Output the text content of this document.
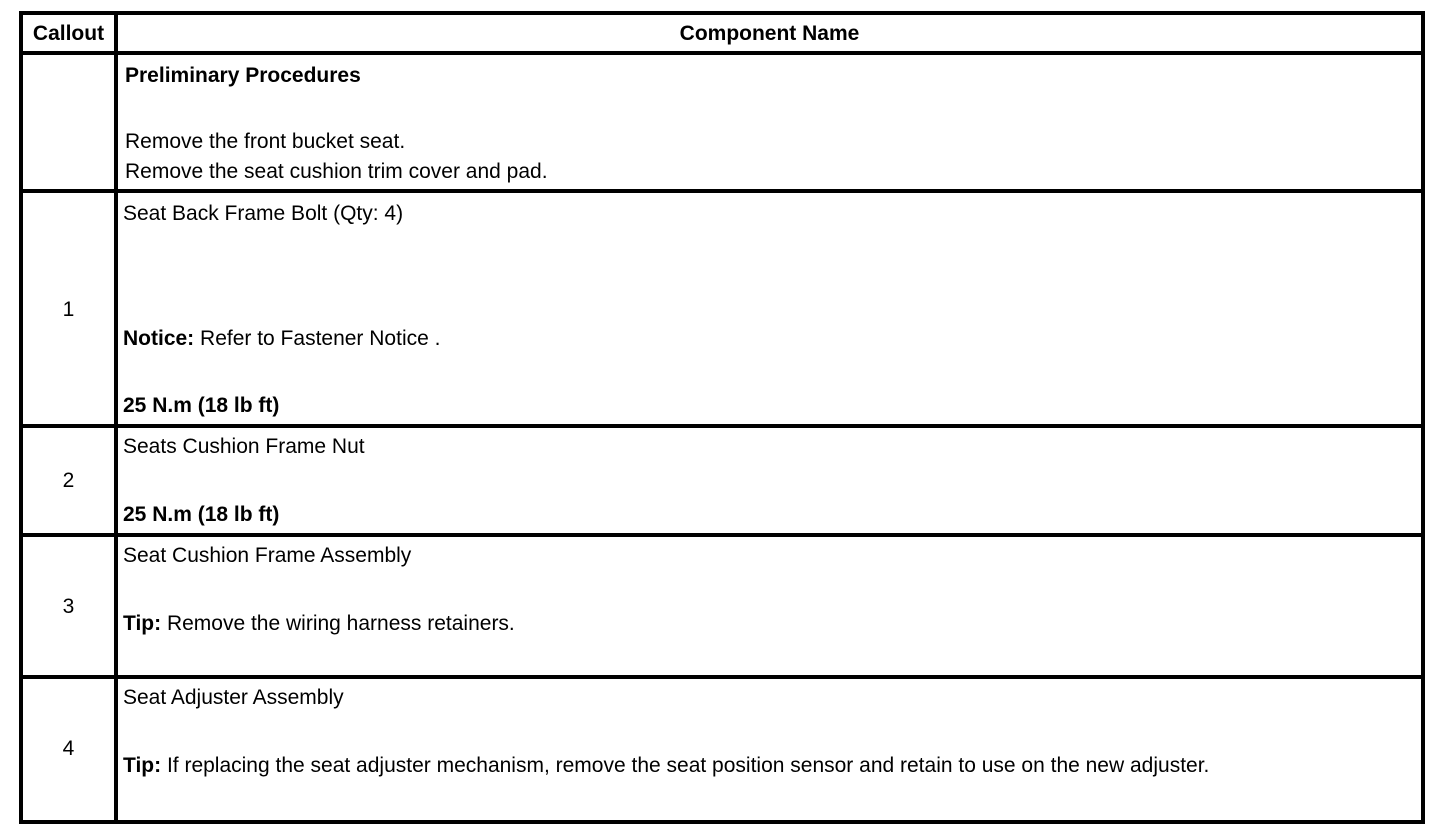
Callout	Component Name
Preliminary Procedures
Remove the front bucket seat.
Remove the seat cushion trim cover and pad.
1
Seat Back Frame Bolt (Qty: 4)
Notice: Refer to Fastener Notice .
25 N.m (18 lb ft)
2
Seats Cushion Frame Nut
25 N.m (18 lb ft)
3
Seat Cushion Frame Assembly
Tip: Remove the wiring harness retainers.
4
Seat Adjuster Assembly
Tip: If replacing the seat adjuster mechanism, remove the seat position sensor and retain to use on the new adjuster.
